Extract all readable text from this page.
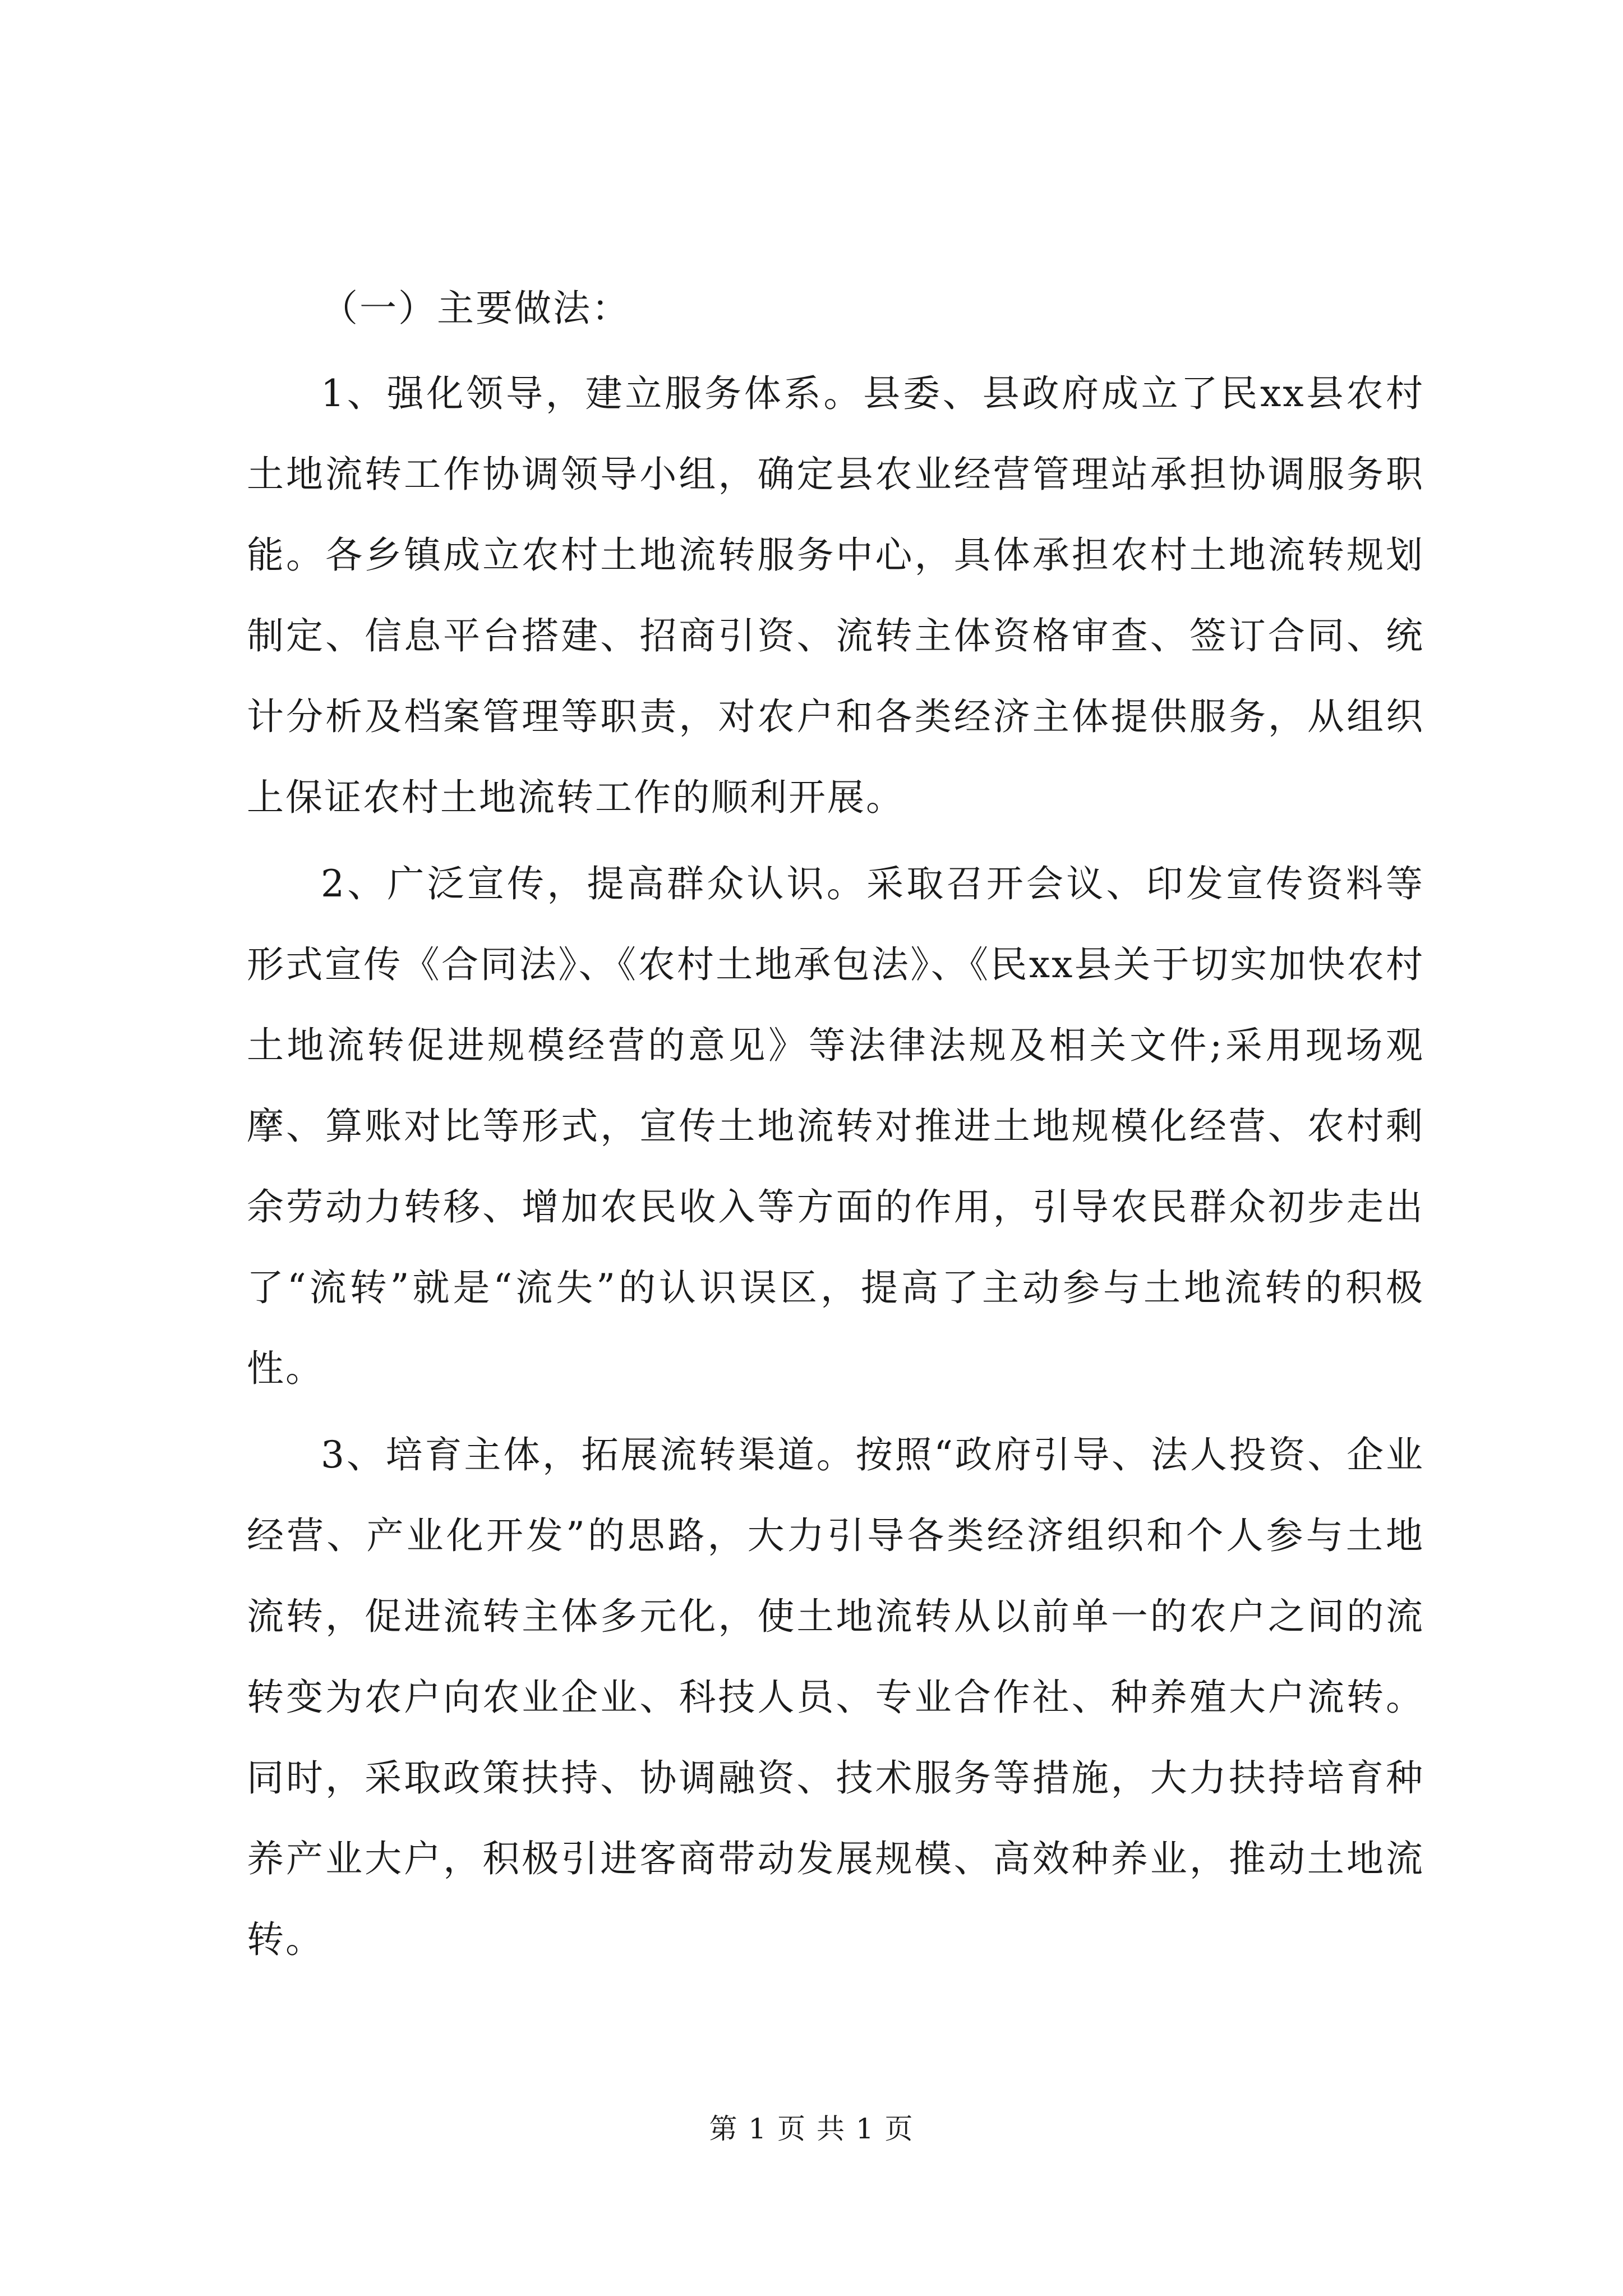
（一）主要做法：

1、强化领导，建立服务体系。县委、县政府成立了民xx县农村土地流转工作协调领导小组，确定县农业经营管理站承担协调服务职能。各乡镇成立农村土地流转服务中心，具体承担农村土地流转规划制定、信息平台搭建、招商引资、流转主体资格审查、签订合同、统计分析及档案管理等职责，对农户和各类经济主体提供服务，从组织上保证农村土地流转工作的顺利开展。

2、广泛宣传，提高群众认识。采取召开会议、印发宣传资料等形式宣传《合同法》、《农村土地承包法》、《民xx县关于切实加快农村土地流转促进规模经营的意见》等法律法规及相关文件;采用现场观摩、算账对比等形式，宣传土地流转对推进土地规模化经营、农村剩余劳动力转移、增加农民收入等方面的作用，引导农民群众初步走出了“流转”就是“流失”的认识误区，提高了主动参与土地流转的积极性。

3、培育主体，拓展流转渠道。按照“政府引导、法人投资、企业经营、产业化开发”的思路，大力引导各类经济组织和个人参与土地流转，促进流转主体多元化，使土地流转从以前单一的农户之间的流转变为农户向农业企业、科技人员、专业合作社、种养殖大户流转。同时，采取政策扶持、协调融资、技术服务等措施，大力扶持培育种养产业大户，积极引进客商带动发展规模、高效种养业，推动土地流转。

第 1 页 共 1 页
